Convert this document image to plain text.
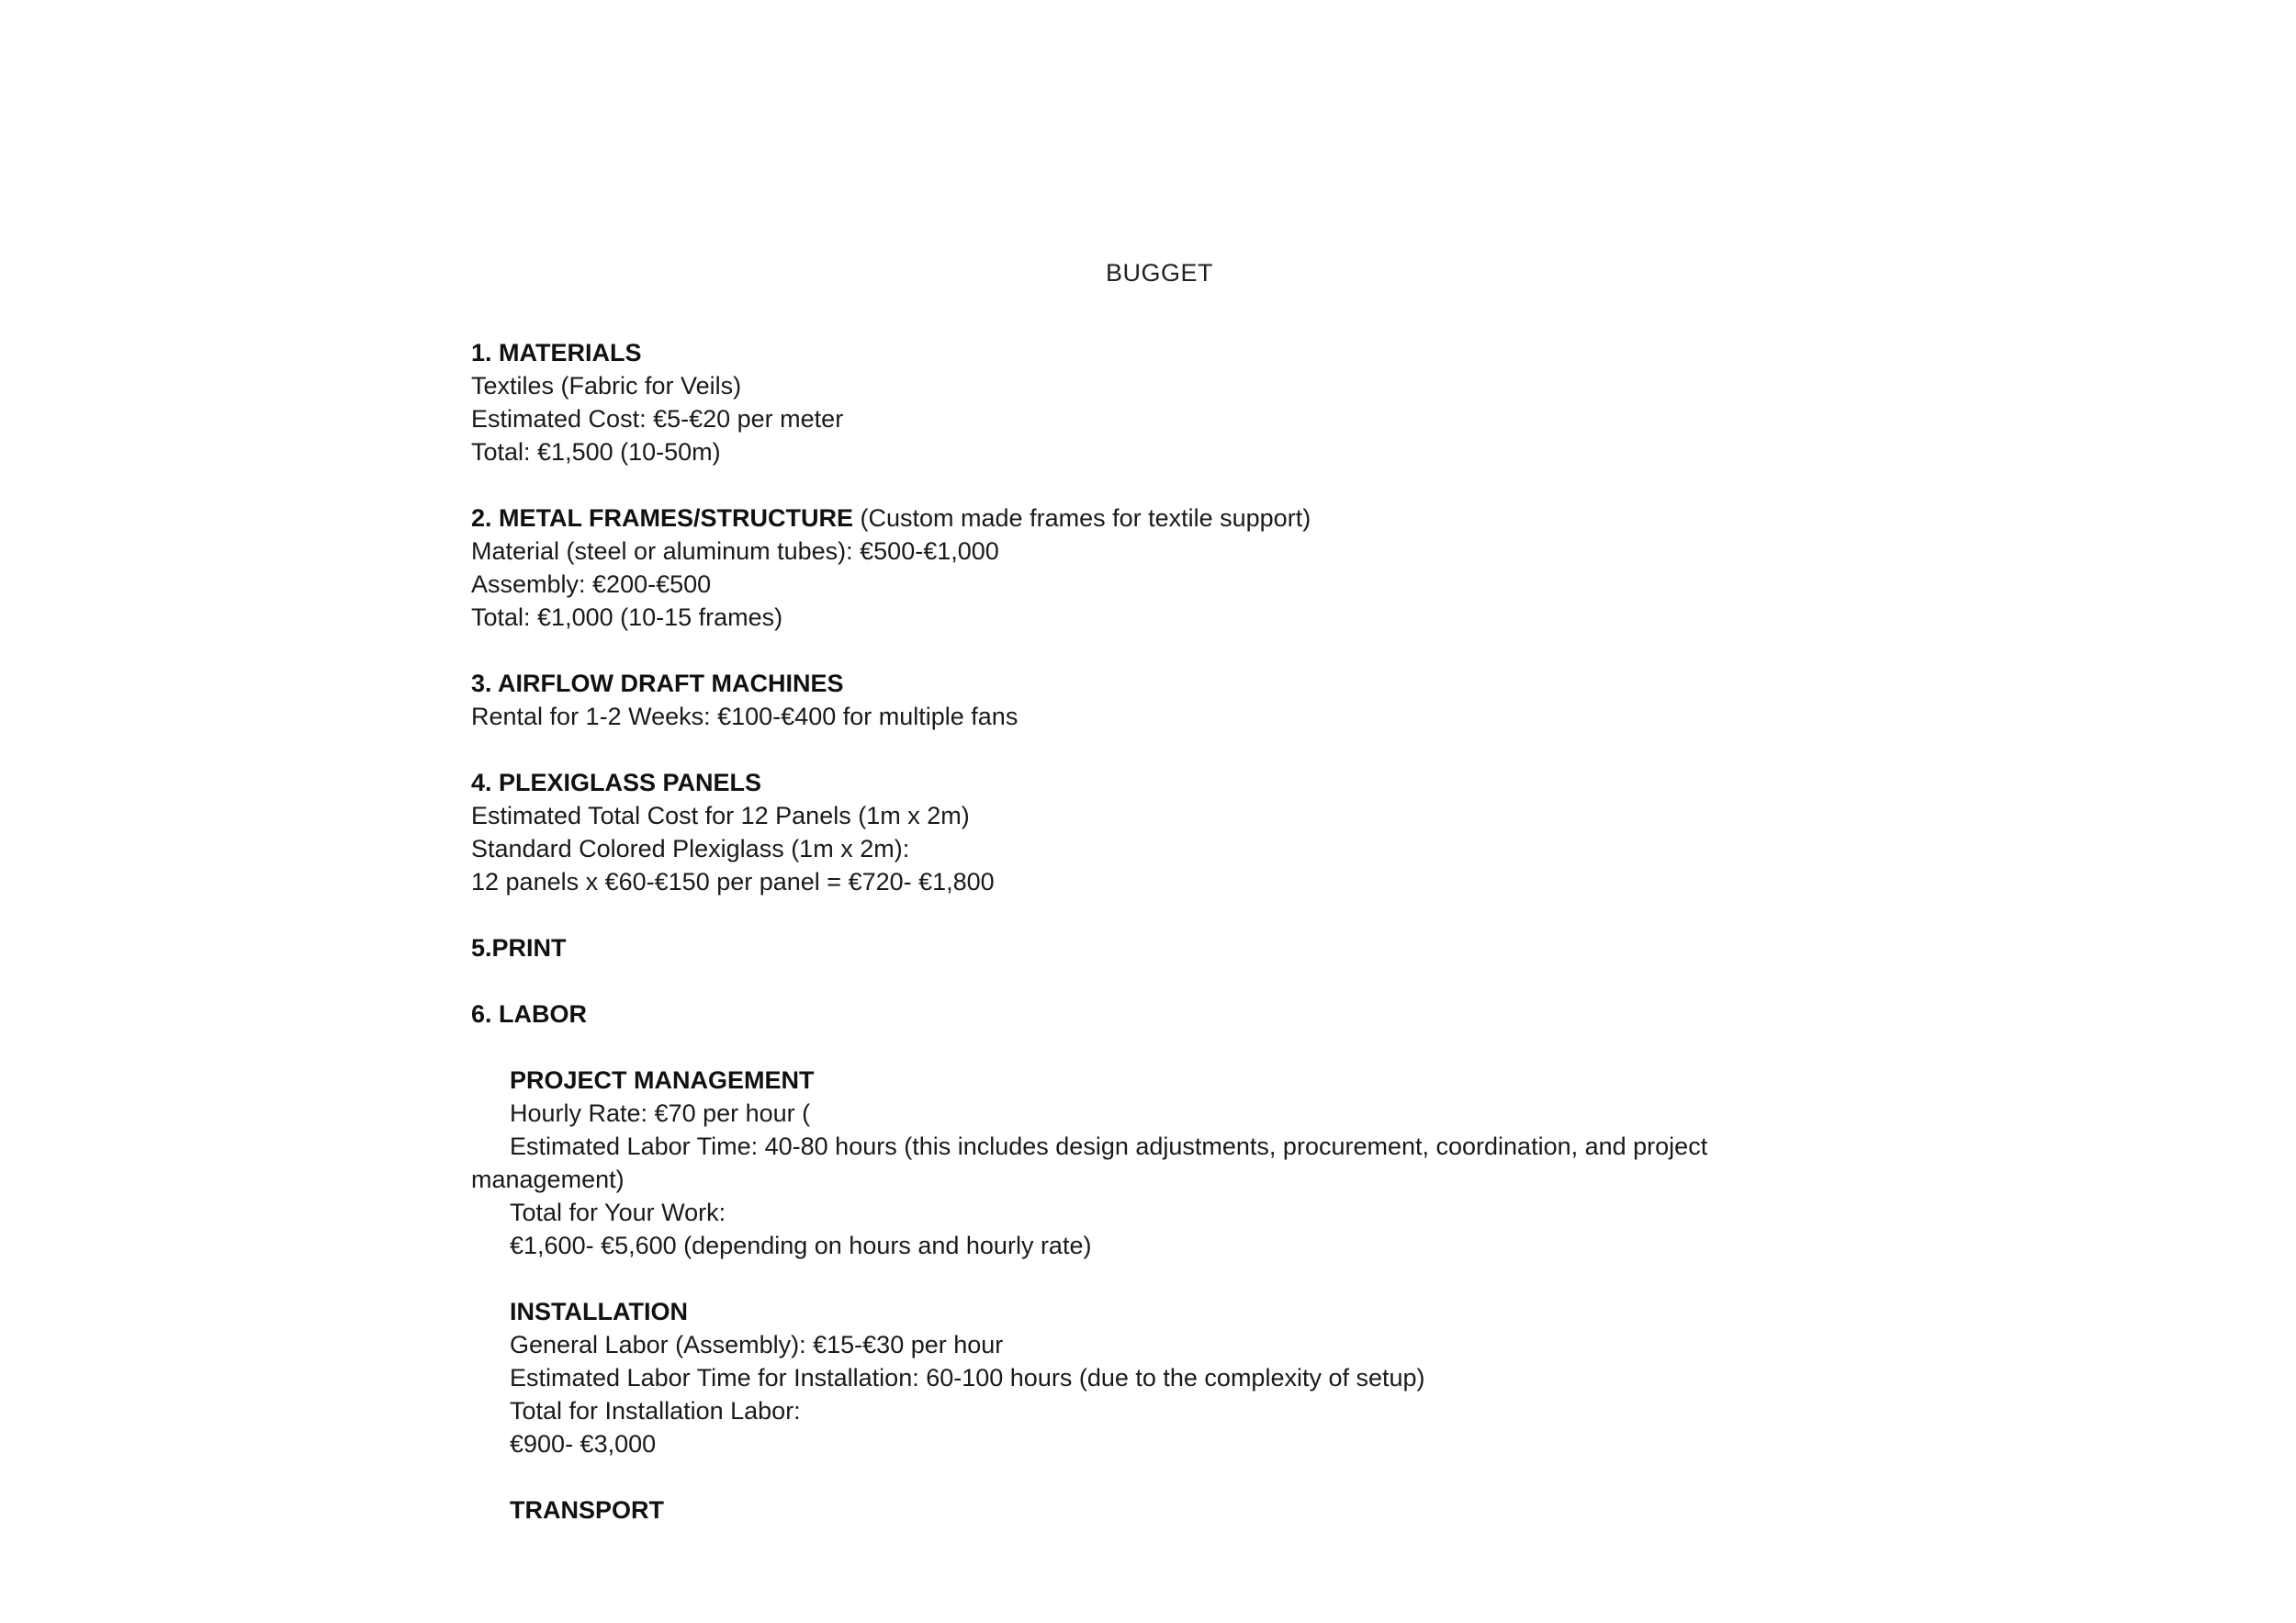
BUGGET
1. MATERIALS
Textiles (Fabric for Veils)
Estimated Cost: €5-€20 per meter
Total: €1,500 (10-50m)
2. METAL FRAMES/STRUCTURE (Custom made frames for textile support)
Material (steel or aluminum tubes): €500-€1,000
Assembly: €200-€500
Total: €1,000 (10-15 frames)
3. AIRFLOW DRAFT MACHINES
Rental for 1-2 Weeks: €100-€400 for multiple fans
4. PLEXIGLASS PANELS
Estimated Total Cost for 12 Panels (1m x 2m)
Standard Colored Plexiglass (1m x 2m):
12 panels x €60-€150 per panel = €720- €1,800
5.PRINT
6. LABOR
PROJECT MANAGEMENT
Hourly Rate: €70 per hour (
Estimated Labor Time: 40-80 hours (this includes design adjustments, procurement, coordination, and project management)
Total for Your Work:
€1,600- €5,600 (depending on hours and hourly rate)
INSTALLATION
General Labor (Assembly): €15-€30 per hour
Estimated Labor Time for Installation: 60-100 hours (due to the complexity of setup)
Total for Installation Labor:
€900- €3,000
TRANSPORT
